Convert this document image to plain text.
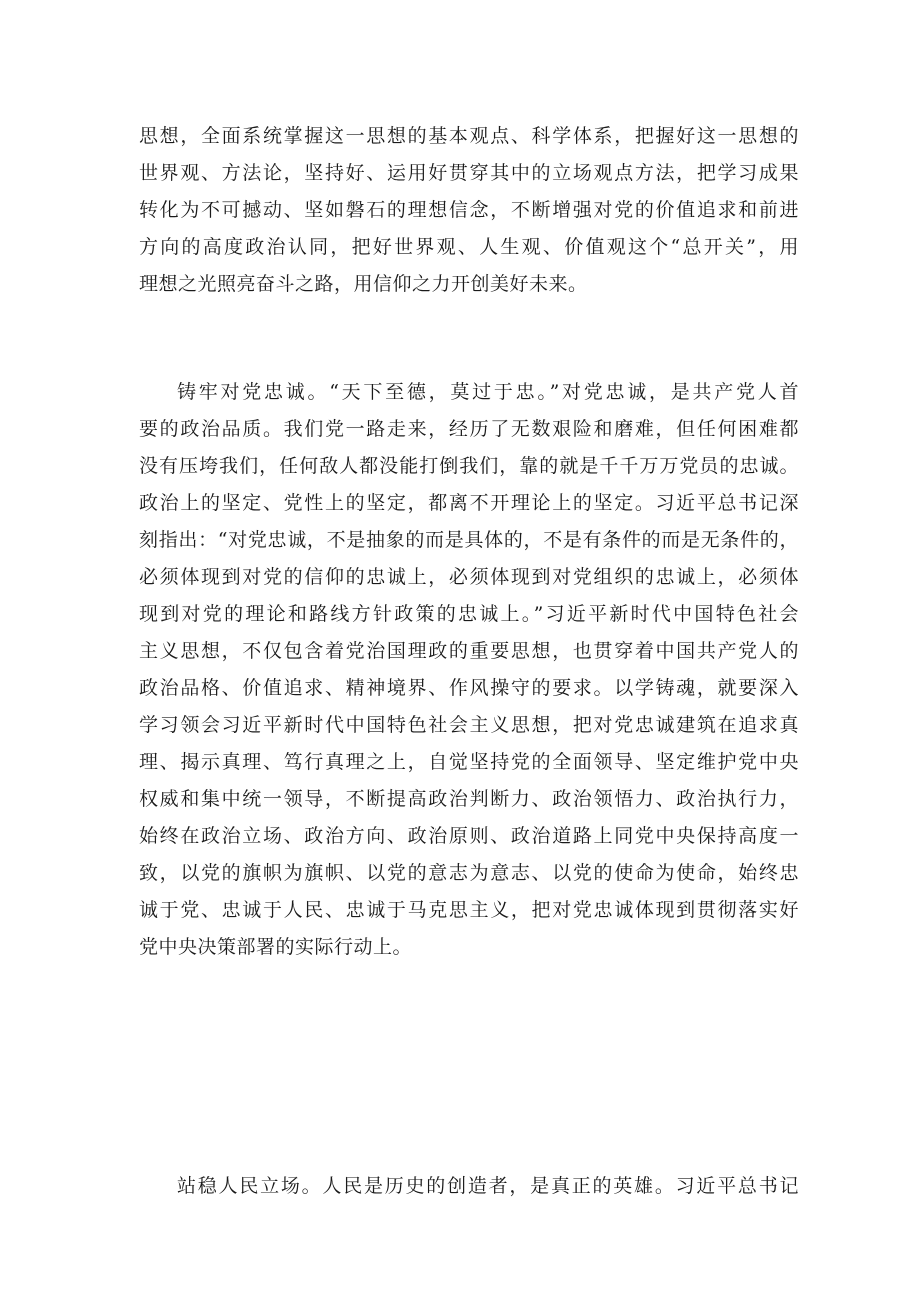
思想，全面系统掌握这一思想的基本观点、科学体系，把握好这一思想的
世界观、方法论，坚持好、运用好贯穿其中的立场观点方法，把学习成果
转化为不可撼动、坚如磐石的理想信念，不断增强对党的价值追求和前进
方向的高度政治认同，把好世界观、人生观、价值观这个“总开关”，用
理想之光照亮奋斗之路，用信仰之力开创美好未来。
铸牢对党忠诚。“天下至德，莫过于忠。”对党忠诚，是共产党人首
要的政治品质。我们党一路走来，经历了无数艰险和磨难，但任何困难都
没有压垮我们，任何敌人都没能打倒我们，靠的就是千千万万党员的忠诚。
政治上的坚定、党性上的坚定，都离不开理论上的坚定。习近平总书记深
刻指出：“对党忠诚，不是抽象的而是具体的，不是有条件的而是无条件的，
必须体现到对党的信仰的忠诚上，必须体现到对党组织的忠诚上，必须体
现到对党的理论和路线方针政策的忠诚上。”习近平新时代中国特色社会
主义思想，不仅包含着党治国理政的重要思想，也贯穿着中国共产党人的
政治品格、价值追求、精神境界、作风操守的要求。以学铸魂，就要深入
学习领会习近平新时代中国特色社会主义思想，把对党忠诚建筑在追求真
理、揭示真理、笃行真理之上，自觉坚持党的全面领导、坚定维护党中央
权威和集中统一领导，不断提高政治判断力、政治领悟力、政治执行力，
始终在政治立场、政治方向、政治原则、政治道路上同党中央保持高度一
致，以党的旗帜为旗帜、以党的意志为意志、以党的使命为使命，始终忠
诚于党、忠诚于人民、忠诚于马克思主义，把对党忠诚体现到贯彻落实好
党中央决策部署的实际行动上。
站稳人民立场。人民是历史的创造者，是真正的英雄。习近平总书记
